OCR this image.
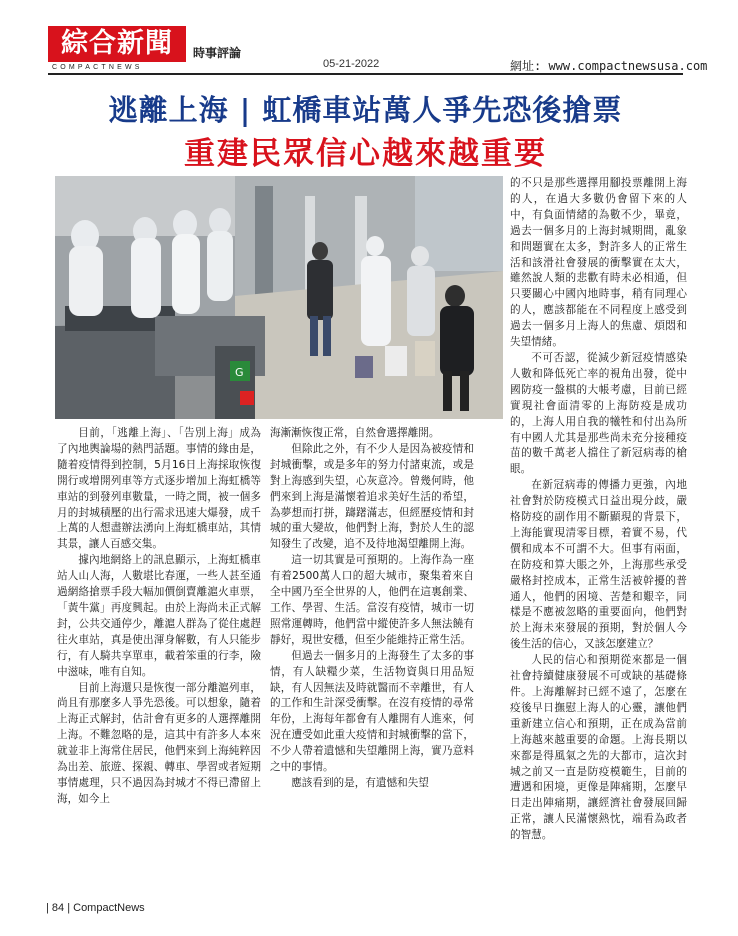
綜合新聞
COMPACTNEWS
時事評論
05-21-2022	網址: www.compactnewsusa.com
逃離上海 | 虹橋車站萬人爭先恐後搶票
重建民眾信心越來越重要
G

目前，「逃離上海」、「告別上海」成為了內地輿論場的熱門話題。事情的緣由是，隨着疫情得到控制，5月16日上海採取恢復開行或增開列車等方式逐步增加上海虹橋等車站的到發列車數量，一時之間，被一個多月的封城積壓的出行需求迅速大爆發，成千上萬的人想盡辦法湧向上海虹橋車站，其情其景，讓人百感交集。

據內地網絡上的訊息顯示，上海虹橋車站人山人海，人數堪比春運，一些人甚至通過網絡搶票手段大幅加價倒賣離滬火車票，「黃牛黨」再度興起。由於上海尚未正式解封，公共交通停少，離滬人群為了從住處趕往火車站，真是使出渾身解數，有人只能步行，有人騎共享單車，載着笨重的行李，險中滋味，唯有自知。

目前上海還只是恢復一部分離滬列車，尚且有那麼多人爭先恐後。可以想象，隨着上海正式解封，估計會有更多的人選擇離開上海。不難忽略的是，這其中有許多人本來就並非上海常住居民，他們來到上海純粹因為出差、旅遊、探親、轉車、學習或者短期事情處理，只不過因為封城才不得已滯留上海，如今上

海漸漸恢復正常，自然會選擇離開。

但除此之外，有不少人是因為被疫情和封城衝擊，或是多年的努力付諸東流，或是對上海感到失望，心灰意冷。曾幾何時，他們來到上海是滿懷着追求美好生活的希望，為夢想而打拼，躊躇滿志，但經歷疫情和封城的重大變故，他們對上海，對於人生的認知發生了改變，追不及待地渴望離開上海。

這一切其實是可預期的。上海作為一座有着2500萬人口的超大城市，聚集着來自全中國乃至全世界的人，他們在這裏創業、工作、學習、生活。當沒有疫情，城市一切照常運轉時，他們當中縱使許多人無法饒有靜好，現世安穩，但至少能維持正常生活。

但過去一個多月的上海發生了太多的事情，有人缺糧少菜，生活物資與日用品短缺，有人因無法及時就醫而不幸離世，有人的工作和生計深受衝擊。在沒有疫情的尋常年份，上海每年都會有人離開有人進來，何況在遭受如此重大疫情和封城衝擊的當下，不少人帶着遺憾和失望離開上海，實乃意料之中的事情。

應該看到的是，有遺憾和失望

的不只是那些選擇用腳投票離開上海的人，在過大多數仍會留下來的人中，有負面情緒的為數不少，畢竟，過去一個多月的上海封城期間，亂象和問題實在太多，對許多人的正常生活和該滑社會發展的衝擊實在太大，雖然說人類的悲歡有時未必相通，但只要關心中國內地時事，稍有同理心的人，應該都能在不同程度上感受到過去一個多月上海人的焦慮、煩悶和失望情緒。

不可否認，從減少新冠疫情感染人數和降低死亡率的視角出發，從中國防疫一盤棋的大帳考慮，目前已經實現社會面清零的上海防疫是成功的，上海人用自我的犧牲和付出為所有中國人尤其是那些尚未充分接種疫苗的數千萬老人擋住了新冠病毒的槍眼。

在新冠病毒的傳播力更強，內地社會對於防疫模式日益出現分歧，嚴格防疫的副作用不斷顯現的背景下，上海能實現清零目標，着實不易，代價和成本不可謂不大。但事有兩面，在防疫和算大賬之外，上海那些承受嚴格封控成本，正常生活被幹擾的普通人，他們的困境、苦楚和艱辛，同樣是不應被忽略的重要面向，他們對於上海未來發展的預期，對於個人今後生活的信心，又該怎麼建立？

人民的信心和預期從來都是一個社會持續健康發展不可或缺的基礎條件。上海離解封已經不遠了，怎麼在疫後早日撫慰上海人的心靈，讓他們重新建立信心和預期，正在成為當前上海越來越重要的命題。上海長期以來都是得風氣之先的大都市，這次封城之前又一直是防疫模範生，目前的遭遇和困境，更像是陣痛期，怎麼早日走出陣痛期，讓經濟社會發展回歸正常，讓人民滿懷熱忱，端看為政者的智慧。

| 84 | CompactNews
